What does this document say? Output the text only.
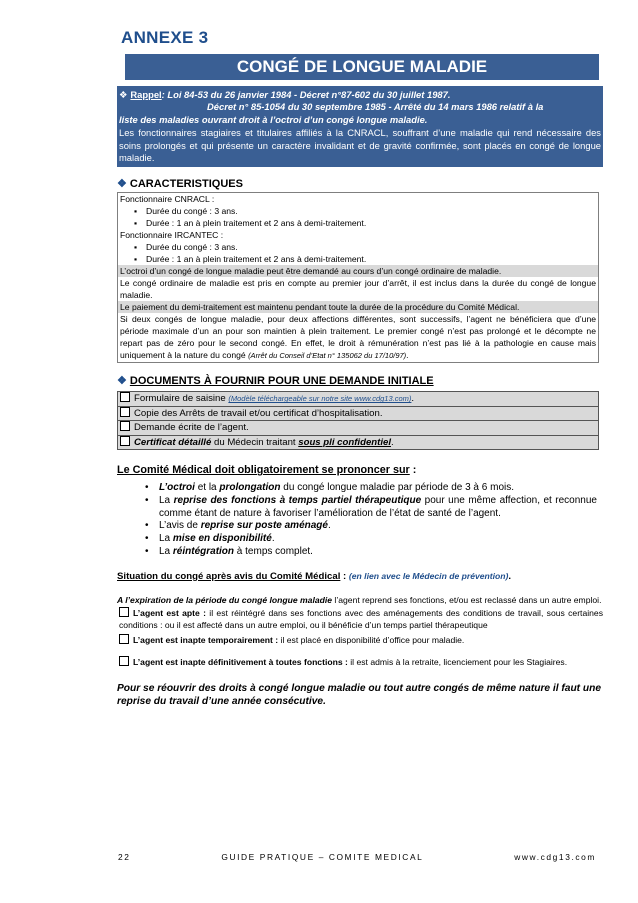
ANNEXE 3
CONGÉ DE LONGUE MALADIE
❖ Rappel: Loi 84-53 du 26 janvier 1984 - Décret n°87-602 du 30 juillet 1987.
Décret n° 85-1054 du 30 septembre 1985 - Arrêté du 14 mars 1986 relatif à la
liste des maladies ouvrant droit à l’octroi d’un congé longue maladie.
Les fonctionnaires stagiaires et titulaires affiliés à la CNRACL, souffrant d’une maladie qui rend nécessaire des soins prolongés et qui présente un caractère invalidant et de gravité confirmée, sont placés en congé de longue maladie.
❖ CARACTERISTIQUES
Fonctionnaire CNRACL :
▪ Durée du congé : 3 ans.
▪ Durée : 1 an à plein traitement et 2 ans à demi-traitement.
Fonctionnaire IRCANTEC :
▪ Durée du congé : 3 ans.
▪ Durée : 1 an à plein traitement et 2 ans à demi-traitement.
L’octroi d’un congé de longue maladie peut être demandé au cours d’un congé ordinaire de maladie.
Le congé ordinaire de maladie est pris en compte au premier jour d’arrêt, il est inclus dans la durée du congé de longue maladie.
Le paiement du demi-traitement est maintenu pendant toute la durée de la procédure du Comité Médical.
Si deux congés de longue maladie, pour deux affections différentes, sont successifs, l’agent ne bénéficiera que d’une période maximale d’un an pour son maintien à plein traitement. Le premier congé n’est pas prolongé et le décompte ne repart pas de zéro pour le second congé. En effet, le droit à rémunération n’est pas lié à la pathologie en cause mais uniquement à la nature du congé (Arrêt du Conseil d’Etat n° 135062 du 17/10/97).
❖ DOCUMENTS À FOURNIR POUR UNE DEMANDE INITIALE
Formulaire de saisine (Modèle téléchargeable sur notre site www.cdg13.com).
Copie des Arrêts de travail et/ou certificat d’hospitalisation.
Demande écrite de l’agent.
Certificat détaillé du Médecin traitant sous pli confidentiel.
Le Comité Médical doit obligatoirement se prononcer sur :
• L’octroi et la prolongation du congé longue maladie par période de 3 à 6 mois.
• La reprise des fonctions à temps partiel thérapeutique pour une même affection, et reconnue comme étant de nature à favoriser l’amélioration de l’état de santé de l’agent.
• L’avis de reprise sur poste aménagé.
• La mise en disponibilité.
• La réintégration à temps complet.
Situation du congé après avis du Comité Médical : (en lien avec le Médecin de prévention).
A l’expiration de la période du congé longue maladie l’agent reprend ses fonctions, et/ou est reclassé dans un autre emploi.
L’agent est apte : il est réintégré dans ses fonctions avec des aménagements des conditions de travail, sous certaines conditions : ou il est affecté dans un autre emploi, ou il bénéficie d’un temps partiel thérapeutique
L’agent est inapte temporairement : il est placé en disponibilité d’office pour maladie.
L’agent est inapte définitivement à toutes fonctions : il est admis à la retraite, licenciement pour les Stagiaires.
Pour se réouvrir des droits à congé longue maladie ou tout autre congés de même nature il faut une reprise du travail d’une année consécutive.
22	GUIDE PRATIQUE – COMITE MEDICAL	www.cdg13.com
